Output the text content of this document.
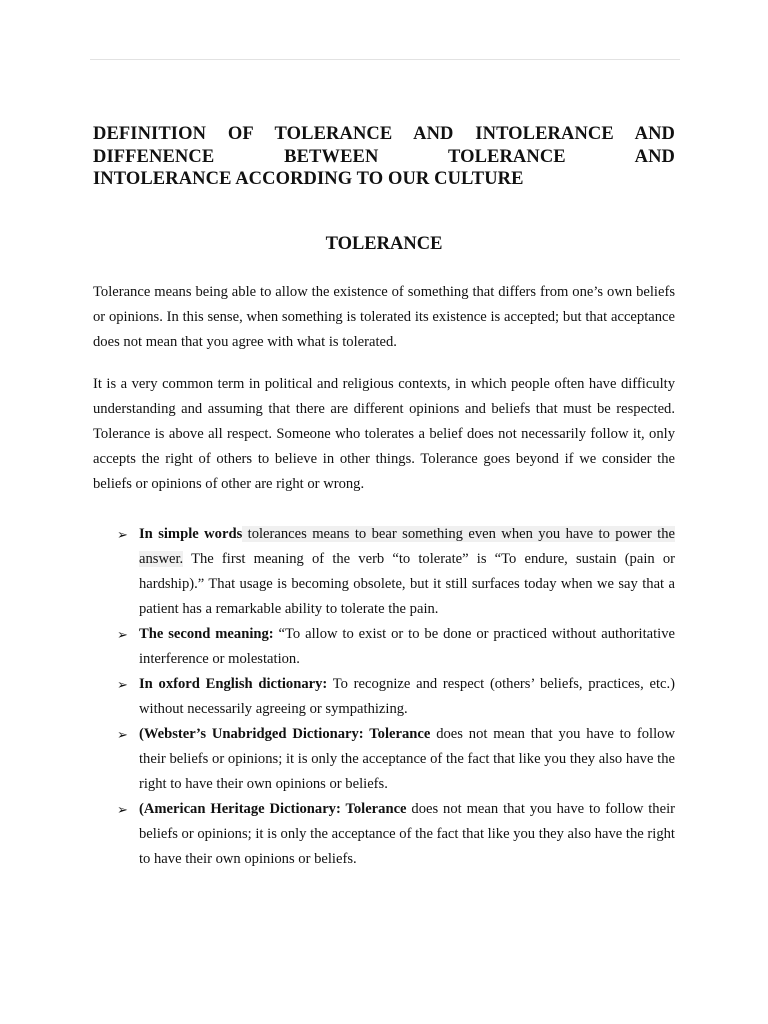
DEFINITION OF TOLERANCE AND INTOLERANCE AND
DIFFENENCE BETWEEN TOLERANCE AND
INTOLERANCE ACCORDING TO OUR CULTURE
TOLERANCE

Tolerance means being able to allow the existence of something that differs from one’s own beliefs or opinions. In this sense, when something is tolerated its existence is accepted; but that acceptance does not mean that you agree with what is tolerated.

It is a very common term in political and religious contexts, in which people often have difficulty understanding and assuming that there are different opinions and beliefs that must be respected. Tolerance is above all respect. Someone who tolerates a belief does not necessarily follow it, only accepts the right of others to believe in other things. Tolerance goes beyond if we consider the beliefs or opinions of other are right or wrong.

➢ In simple words tolerances means to bear something even when you have to power the answer. The first meaning of the verb “to tolerate” is “To endure, sustain (pain or hardship).” That usage is becoming obsolete, but it still surfaces today when we say that a patient has a remarkable ability to tolerate the pain.
➢ The second meaning: “To allow to exist or to be done or practiced without authoritative interference or molestation.
➢ In oxford English dictionary: To recognize and respect (others’ beliefs, practices, etc.) without necessarily agreeing or sympathizing.
➢ (Webster’s Unabridged Dictionary: Tolerance does not mean that you have to follow their beliefs or opinions; it is only the acceptance of the fact that like you they also have the right to have their own opinions or beliefs.
➢ (American Heritage Dictionary: Tolerance does not mean that you have to follow their beliefs or opinions; it is only the acceptance of the fact that like you they also have the right to have their own opinions or beliefs.
